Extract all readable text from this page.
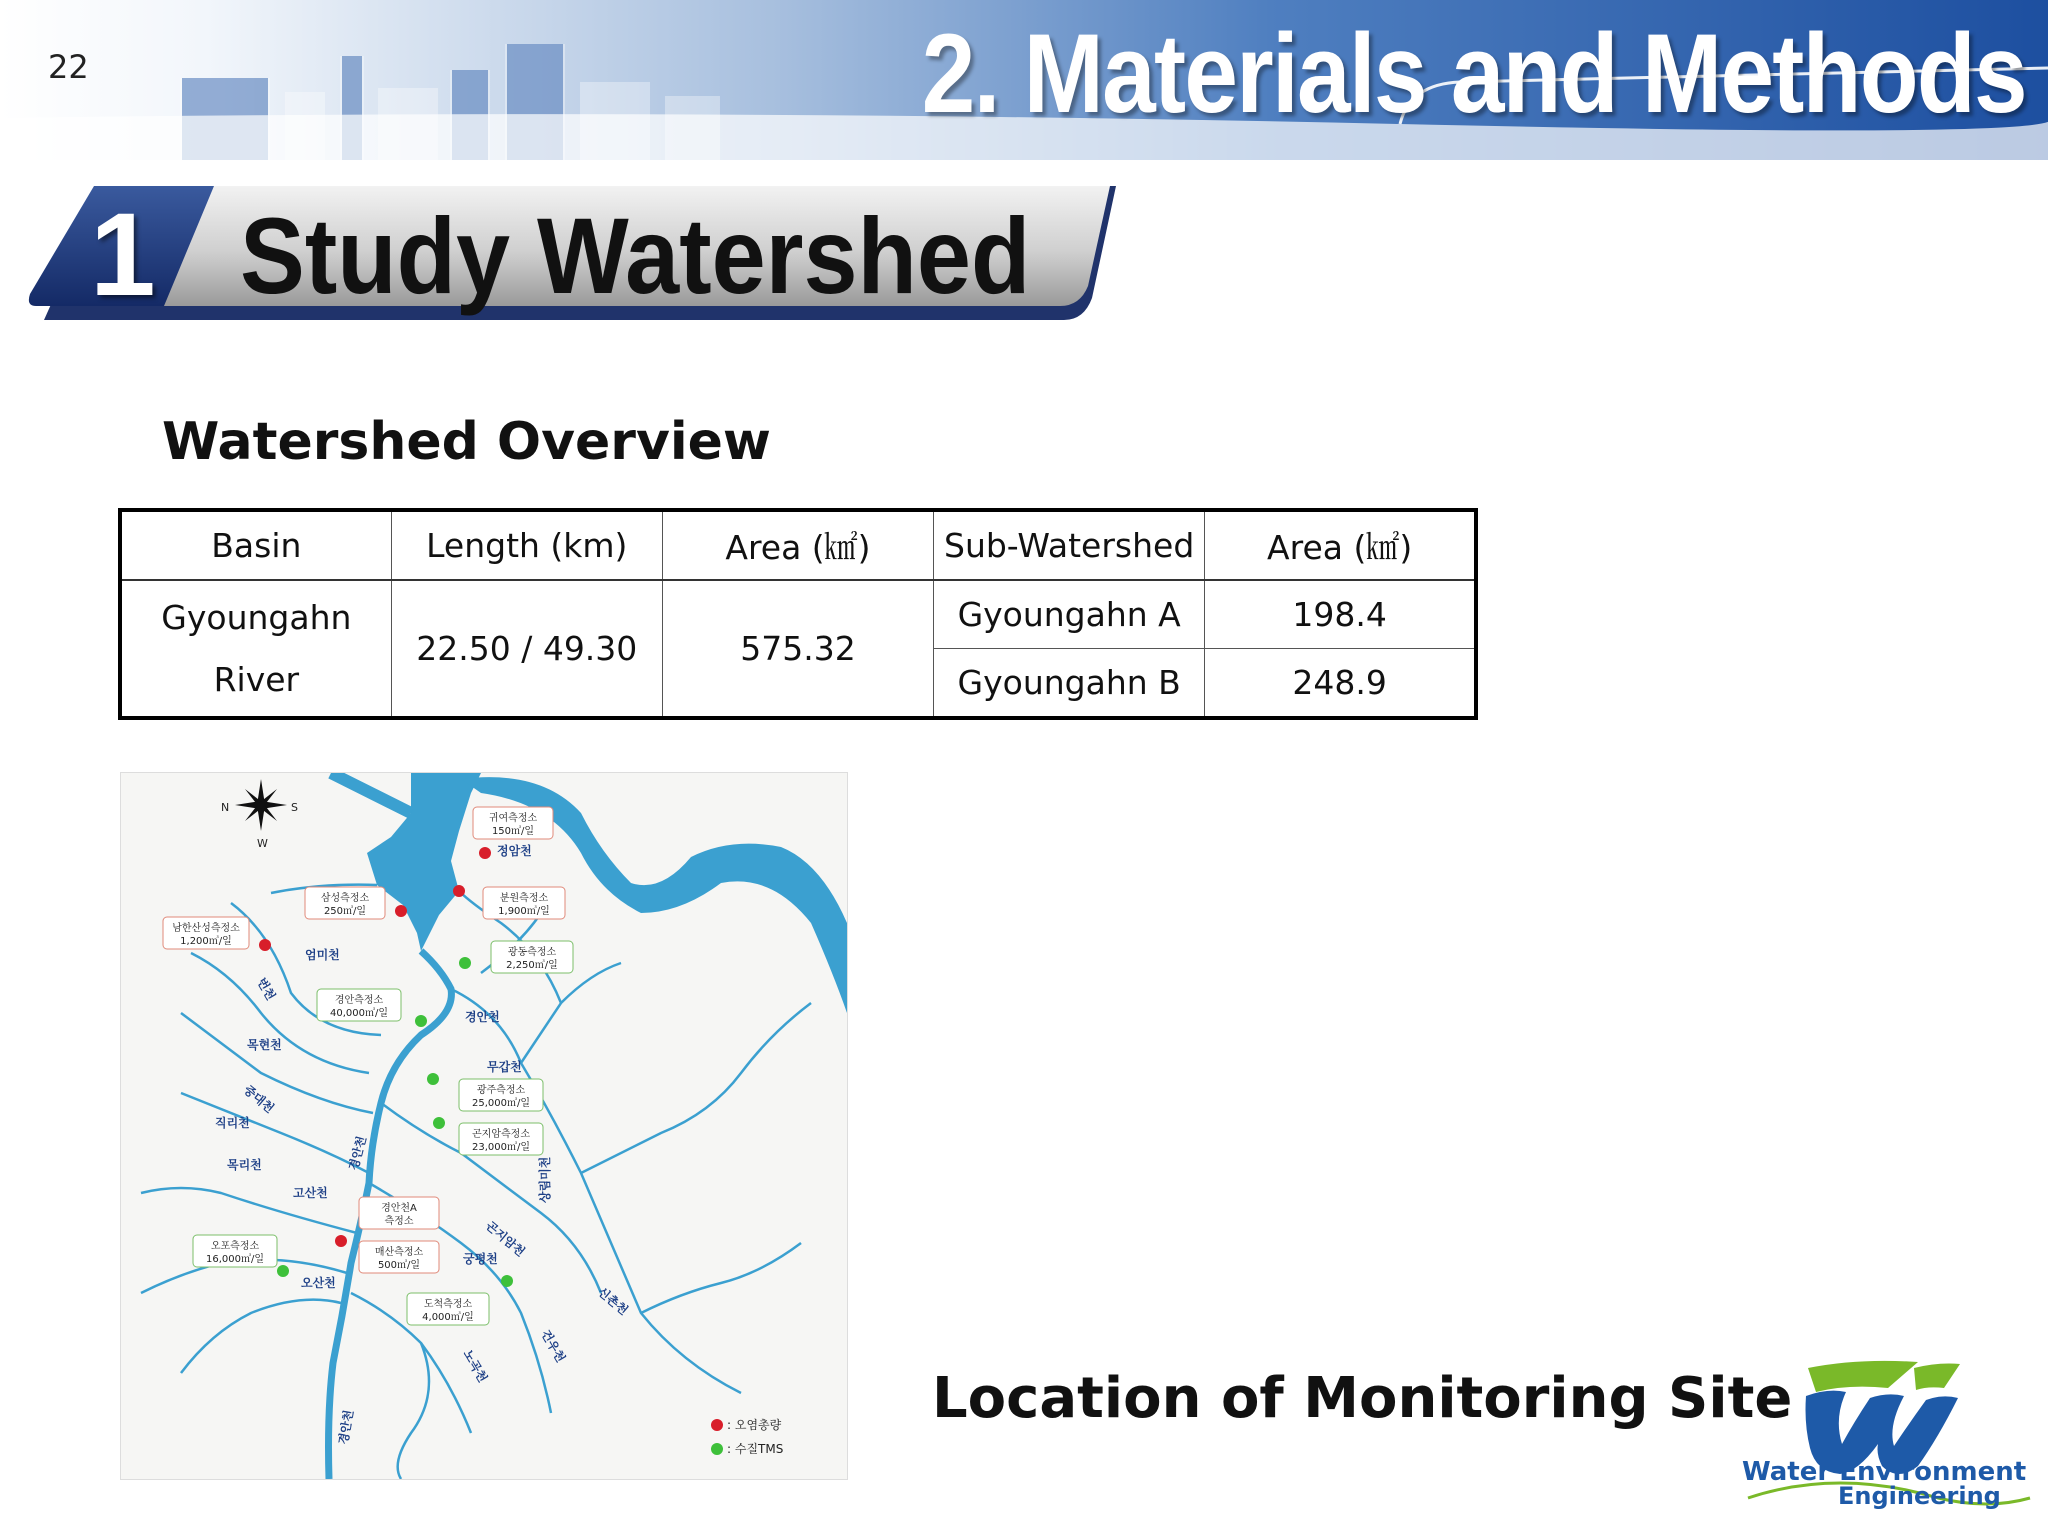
22	2. Materials and Methods
1 Study Watershed
Watershed Overview
Basin	Length (km)	Area (㎢)	Sub-Watershed	Area (㎢)
Gyoungahn
River	22.50 / 49.30	575.32	Gyoungahn A	198.4
			Gyoungahn B	248.9
N	S
W
경안천
무갑천
곤지암천
번천
엄미천
목현천
중대천
직리천
목리천
고산천
오산천
궁평천
신촌천
건우천
노곡천
정암천
상림미천
경안천
경안천
귀여측정소
150㎥/일
삼성측정소
250㎥/일
분원측정소
1,900㎥/일
남한산성측정소
1,200㎥/일
광동측정소
2,250㎥/일
경안측정소
40,000㎥/일
광주측정소
25,000㎥/일
곤지암측정소
23,000㎥/일
경안천A
측정소
매산측정소
500㎥/일
오포측정소
16,000㎥/일
도척측정소
4,000㎥/일
: 오염총량
: 수질TMS
Location of Monitoring Site
Water Environment
Engineering
